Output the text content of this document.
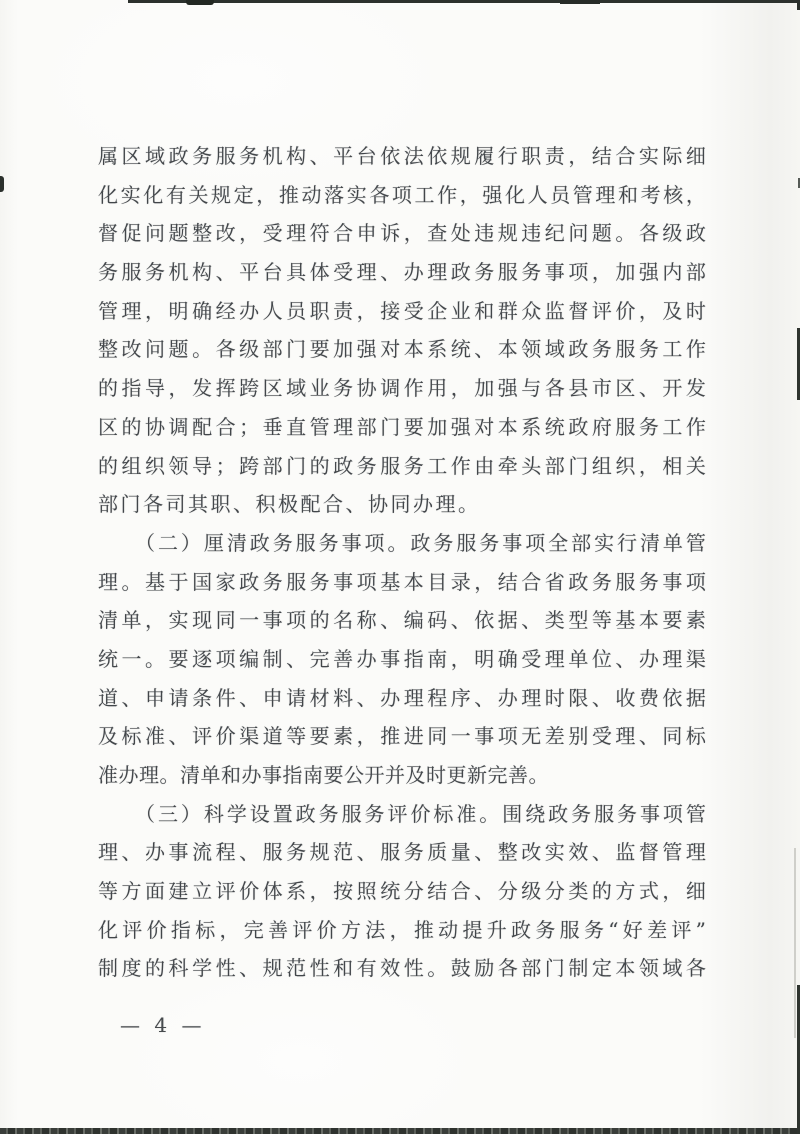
属 区 域 政 务 服 务 机 构 、 平 台 依 法 依 规 履 行 职 责 ， 结 合 实 际 细
化 实 化 有 关 规 定 ， 推 动 落 实 各 项 工 作 ， 强 化 人 员 管 理 和 考 核 ，
督 促 问 题 整 改 ， 受 理 符 合 申 诉 ， 查 处 违 规 违 纪 问 题 。 各 级 政
务 服 务 机 构 、 平 台 具 体 受 理 、 办 理 政 务 服 务 事 项 ， 加 强 内 部
管 理 ， 明 确 经 办 人 员 职 责 ， 接 受 企 业 和 群 众 监 督 评 价 ， 及 时
整 改 问 题 。 各 级 部 门 要 加 强 对 本 系 统 、 本 领 域 政 务 服 务 工 作
的 指 导 ， 发 挥 跨 区 域 业 务 协 调 作 用 ， 加 强 与 各 县 市 区 、 开 发
区 的 协 调 配 合 ； 垂 直 管 理 部 门 要 加 强 对 本 系 统 政 府 服 务 工 作
的 组 织 领 导 ； 跨 部 门 的 政 务 服 务 工 作 由 牵 头 部 门 组 织 ， 相 关
部门各司其职、积极配合、协同办理。
（ 二 ） 厘 清 政 务 服 务 事 项 。 政 务 服 务 事 项 全 部 实 行 清 单 管
理 。 基 于 国 家 政 务 服 务 事 项 基 本 目 录 ， 结 合 省 政 务 服 务 事 项
清 单 ， 实 现 同 一 事 项 的 名 称 、 编 码 、 依 据 、 类 型 等 基 本 要 素
统 一 。 要 逐 项 编 制 、 完 善 办 事 指 南 ， 明 确 受 理 单 位 、 办 理 渠
道 、 申 请 条 件 、 申 请 材 料 、 办 理 程 序 、 办 理 时 限 、 收 费 依 据
及 标 准 、 评 价 渠 道 等 要 素 ， 推 进 同 一 事 项 无 差 别 受 理 、 同 标
准办理。清单和办事指南要公开并及时更新完善。
（ 三 ） 科 学 设 置 政 务 服 务 评 价 标 准 。 围 绕 政 务 服 务 事 项 管
理 、 办 事 流 程 、 服 务 规 范 、 服 务 质 量 、 整 改 实 效 、 监 督 管 理
等 方 面 建 立 评 价 体 系 ， 按 照 统 分 结 合 、 分 级 分 类 的 方 式 ， 细
化 评 价 指 标 ， 完 善 评 价 方 法 ， 推 动 提 升 政 务 服 务 “ 好 差 评 ”
制 度 的 科 学 性 、 规 范 性 和 有 效 性 。 鼓 励 各 部 门 制 定 本 领 域 各
— 4 —
